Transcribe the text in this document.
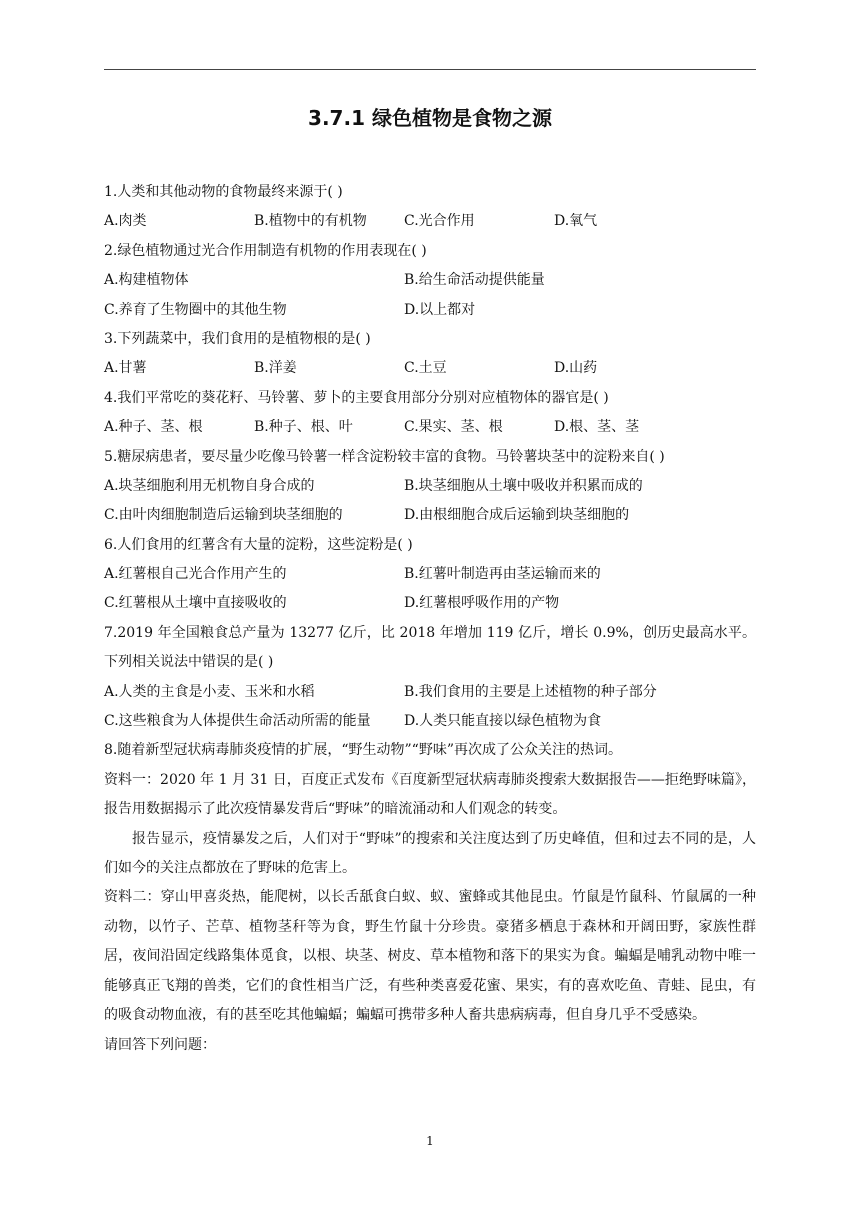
3.7.1 绿色植物是食物之源
1.人类和其他动物的食物最终来源于( )
A.肉类	B.植物中的有机物	C.光合作用	D.氧气
2.绿色植物通过光合作用制造有机物的作用表现在( )
A.构建植物体	B.给生命活动提供能量
C.养育了生物圈中的其他生物	D.以上都对
3.下列蔬菜中，我们食用的是植物根的是( )
A.甘薯	B.洋姜	C.土豆	D.山药
4.我们平常吃的葵花籽、马铃薯、萝卜的主要食用部分分别对应植物体的器官是( )
A.种子、茎、根	B.种子、根、叶	C.果实、茎、根	D.根、茎、茎
5.糖尿病患者，要尽量少吃像马铃薯一样含淀粉较丰富的食物。马铃薯块茎中的淀粉来自( )
A.块茎细胞利用无机物自身合成的	B.块茎细胞从土壤中吸收并积累而成的
C.由叶肉细胞制造后运输到块茎细胞的	D.由根细胞合成后运输到块茎细胞的
6.人们食用的红薯含有大量的淀粉，这些淀粉是( )
A.红薯根自己光合作用产生的	B.红薯叶制造再由茎运输而来的
C.红薯根从土壤中直接吸收的	D.红薯根呼吸作用的产物
7.2019 年全国粮食总产量为 13277 亿斤，比 2018 年增加 119 亿斤，增长 0.9%，创历史最高水平。下列相关说法中错误的是( )
A.人类的主食是小麦、玉米和水稻	B.我们食用的主要是上述植物的种子部分
C.这些粮食为人体提供生命活动所需的能量	D.人类只能直接以绿色植物为食
8.随着新型冠状病毒肺炎疫情的扩展，“野生动物”“野味”再次成了公众关注的热词。
资料一：2020 年 1 月 31 日，百度正式发布《百度新型冠状病毒肺炎搜索大数据报告——拒绝野味篇》，报告用数据揭示了此次疫情暴发背后“野味”的暗流涌动和人们观念的转变。
报告显示，疫情暴发之后，人们对于“野味”的搜索和关注度达到了历史峰值，但和过去不同的是，人们如今的关注点都放在了野味的危害上。
资料二：穿山甲喜炎热，能爬树，以长舌舐食白蚁、蚁、蜜蜂或其他昆虫。竹鼠是竹鼠科、竹鼠属的一种动物，以竹子、芒草、植物茎秆等为食，野生竹鼠十分珍贵。豪猪多栖息于森林和开阔田野，家族性群居，夜间沿固定线路集体觅食，以根、块茎、树皮、草本植物和落下的果实为食。蝙蝠是哺乳动物中唯一能够真正飞翔的兽类，它们的食性相当广泛，有些种类喜爱花蜜、果实，有的喜欢吃鱼、青蛙、昆虫，有的吸食动物血液，有的甚至吃其他蝙蝠；蝙蝠可携带多种人畜共患病病毒，但自身几乎不受感染。
请回答下列问题：
1
